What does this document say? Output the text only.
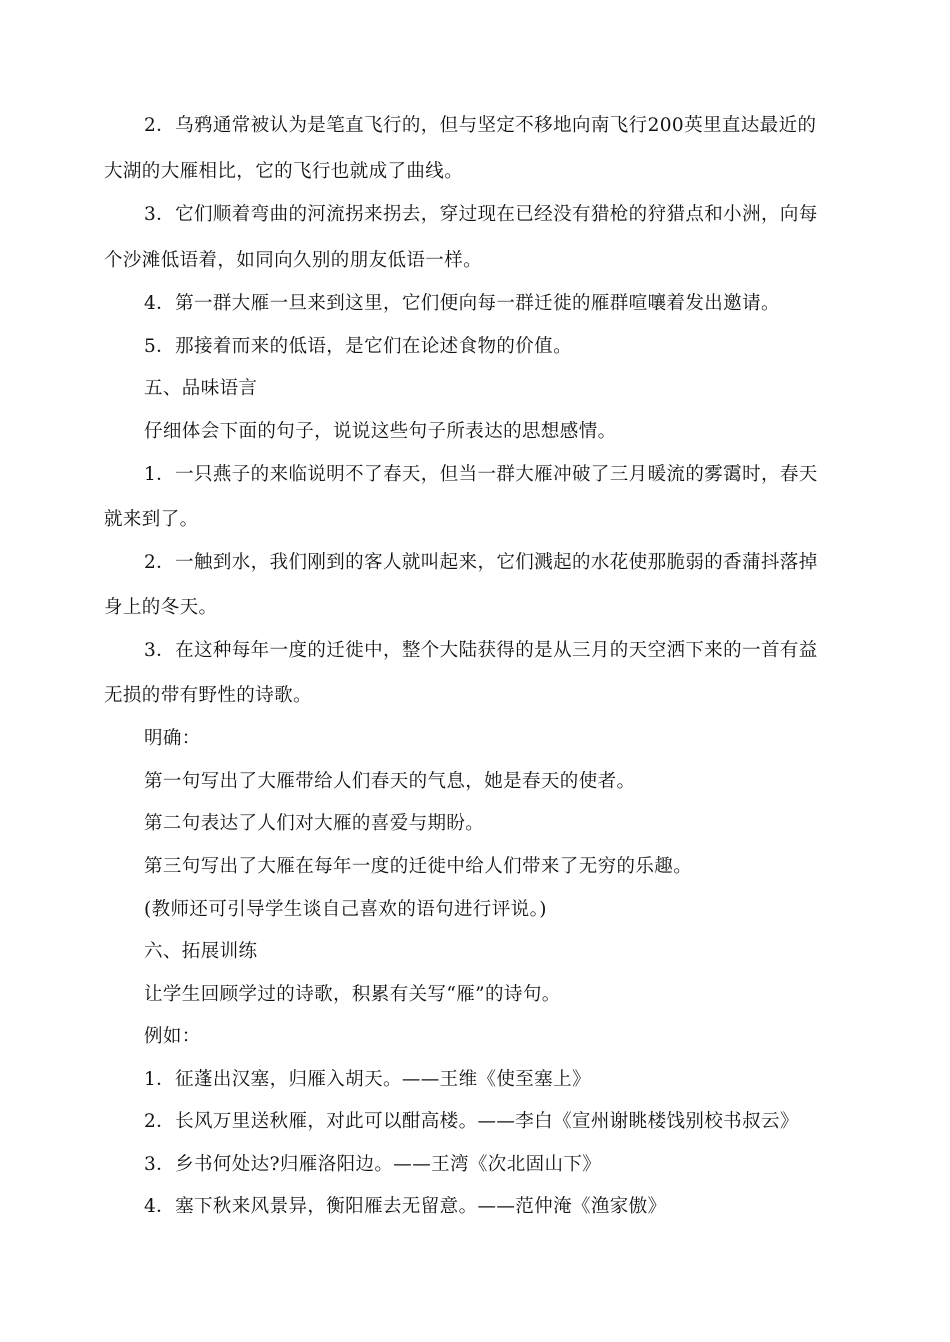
2．乌鸦通常被认为是笔直飞行的，但与坚定不移地向南飞行200英里直达最近的
大湖的大雁相比，它的飞行也就成了曲线。
3．它们顺着弯曲的河流拐来拐去，穿过现在已经没有猎枪的狩猎点和小洲，向每
个沙滩低语着，如同向久别的朋友低语一样。
4．第一群大雁一旦来到这里，它们便向每一群迁徙的雁群喧嚷着发出邀请。
5．那接着而来的低语，是它们在论述食物的价值。
五、品味语言
仔细体会下面的句子，说说这些句子所表达的思想感情。
1．一只燕子的来临说明不了春天，但当一群大雁冲破了三月暖流的雾霭时，春天
就来到了。
2．一触到水，我们刚到的客人就叫起来，它们溅起的水花使那脆弱的香蒲抖落掉
身上的冬天。
3．在这种每年一度的迁徙中，整个大陆获得的是从三月的天空洒下来的一首有益
无损的带有野性的诗歌。
明确：
第一句写出了大雁带给人们春天的气息，她是春天的使者。
第二句表达了人们对大雁的喜爱与期盼。
第三句写出了大雁在每年一度的迁徙中给人们带来了无穷的乐趣。
(教师还可引导学生谈自己喜欢的语句进行评说。)
六、拓展训练
让学生回顾学过的诗歌，积累有关写“雁”的诗句。
例如：
1．征蓬出汉塞，归雁入胡天。——王维《使至塞上》
2．长风万里送秋雁，对此可以酣高楼。——李白《宣州谢眺楼饯别校书叔云》
3．乡书何处达?归雁洛阳边。——王湾《次北固山下》
4．塞下秋来风景异，衡阳雁去无留意。——范仲淹《渔家傲》
